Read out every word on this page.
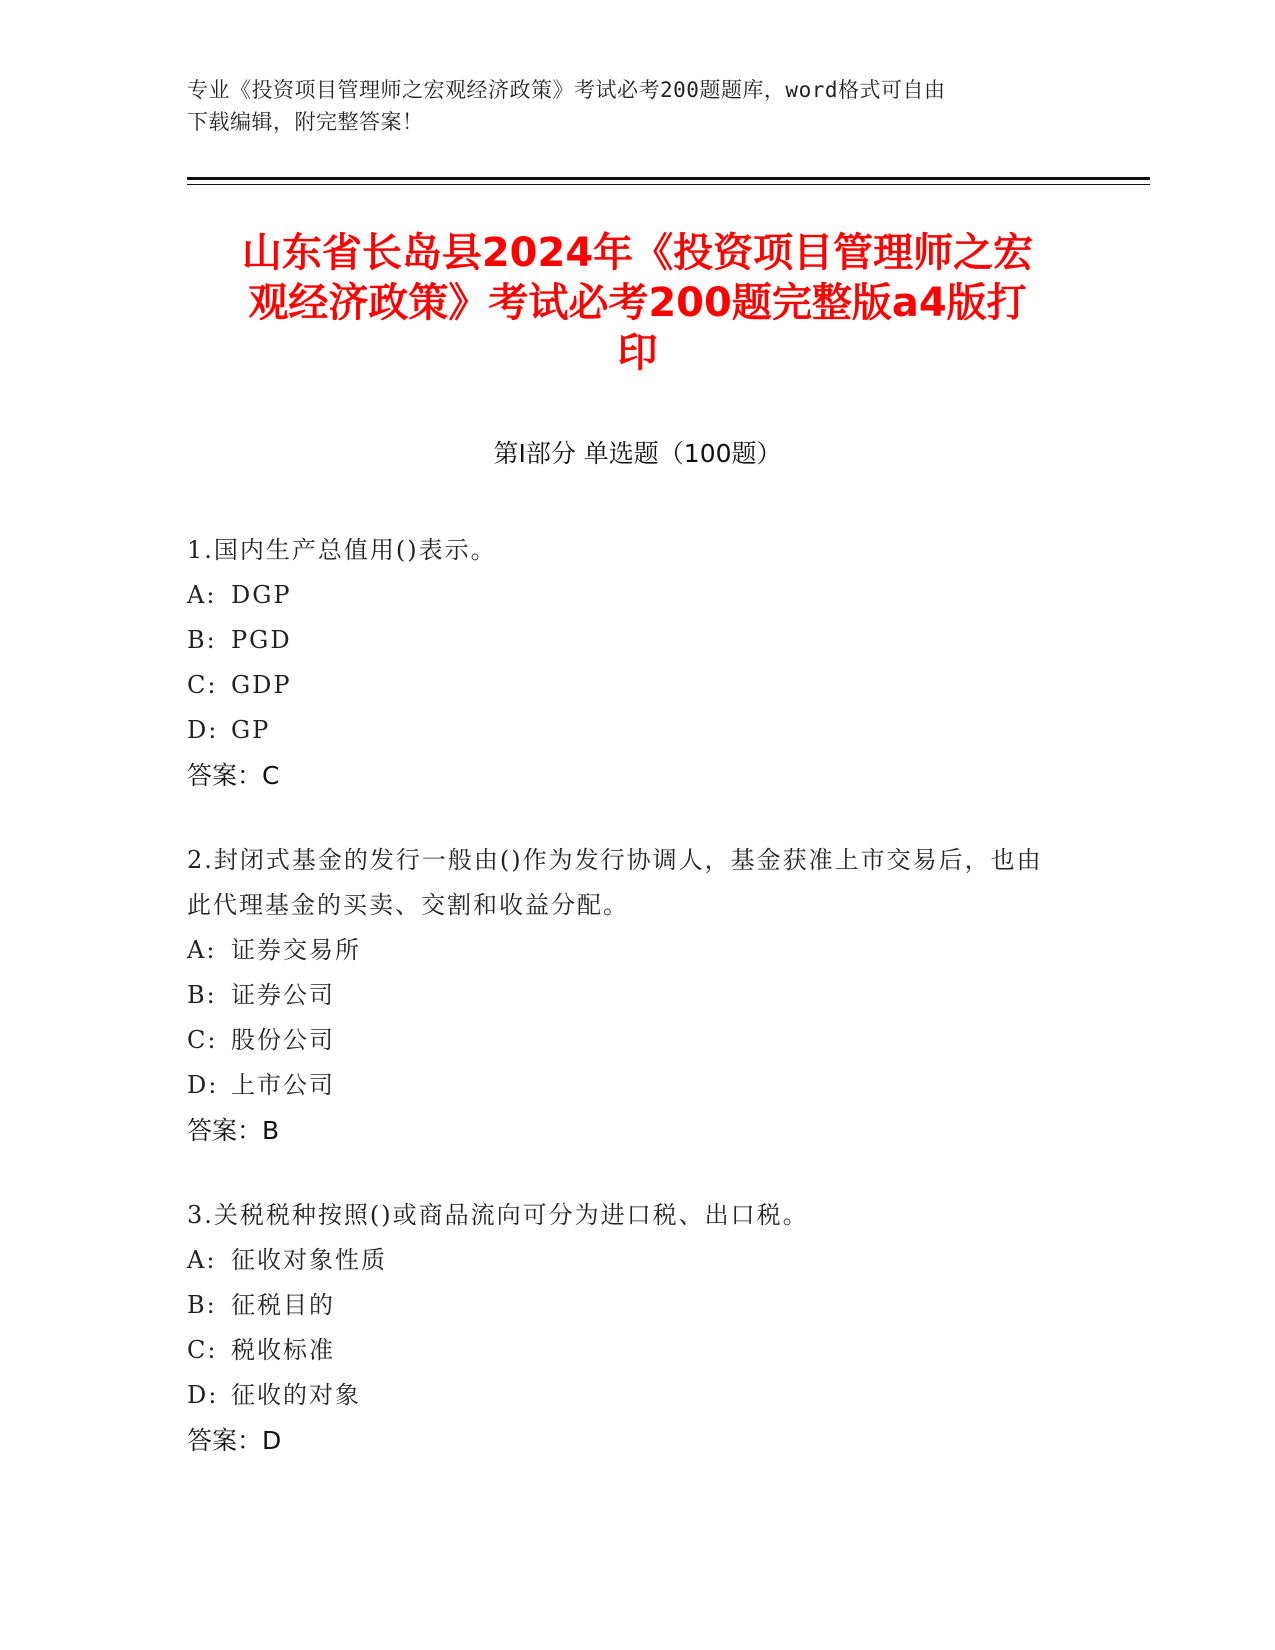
专业《投资项目管理师之宏观经济政策》考试必考200题题库，word格式可自由
下载编辑，附完整答案！
山东省长岛县2024年《投资项目管理师之宏
观经济政策》考试必考200题完整版a4版打
印
第Ⅰ部分 单选题（100题）
1.国内生产总值用()表示。
A: DGP
B: PGD
C: GDP
D: GP
答案：C
2.封闭式基金的发行一般由()作为发行协调人，基金获准上市交易后，也由此代理基金的买卖、交割和收益分配。
A: 证券交易所
B: 证券公司
C: 股份公司
D: 上市公司
答案：B
3.关税税种按照()或商品流向可分为进口税、出口税。
A: 征收对象性质
B: 征税目的
C: 税收标准
D: 征收的对象
答案：D
